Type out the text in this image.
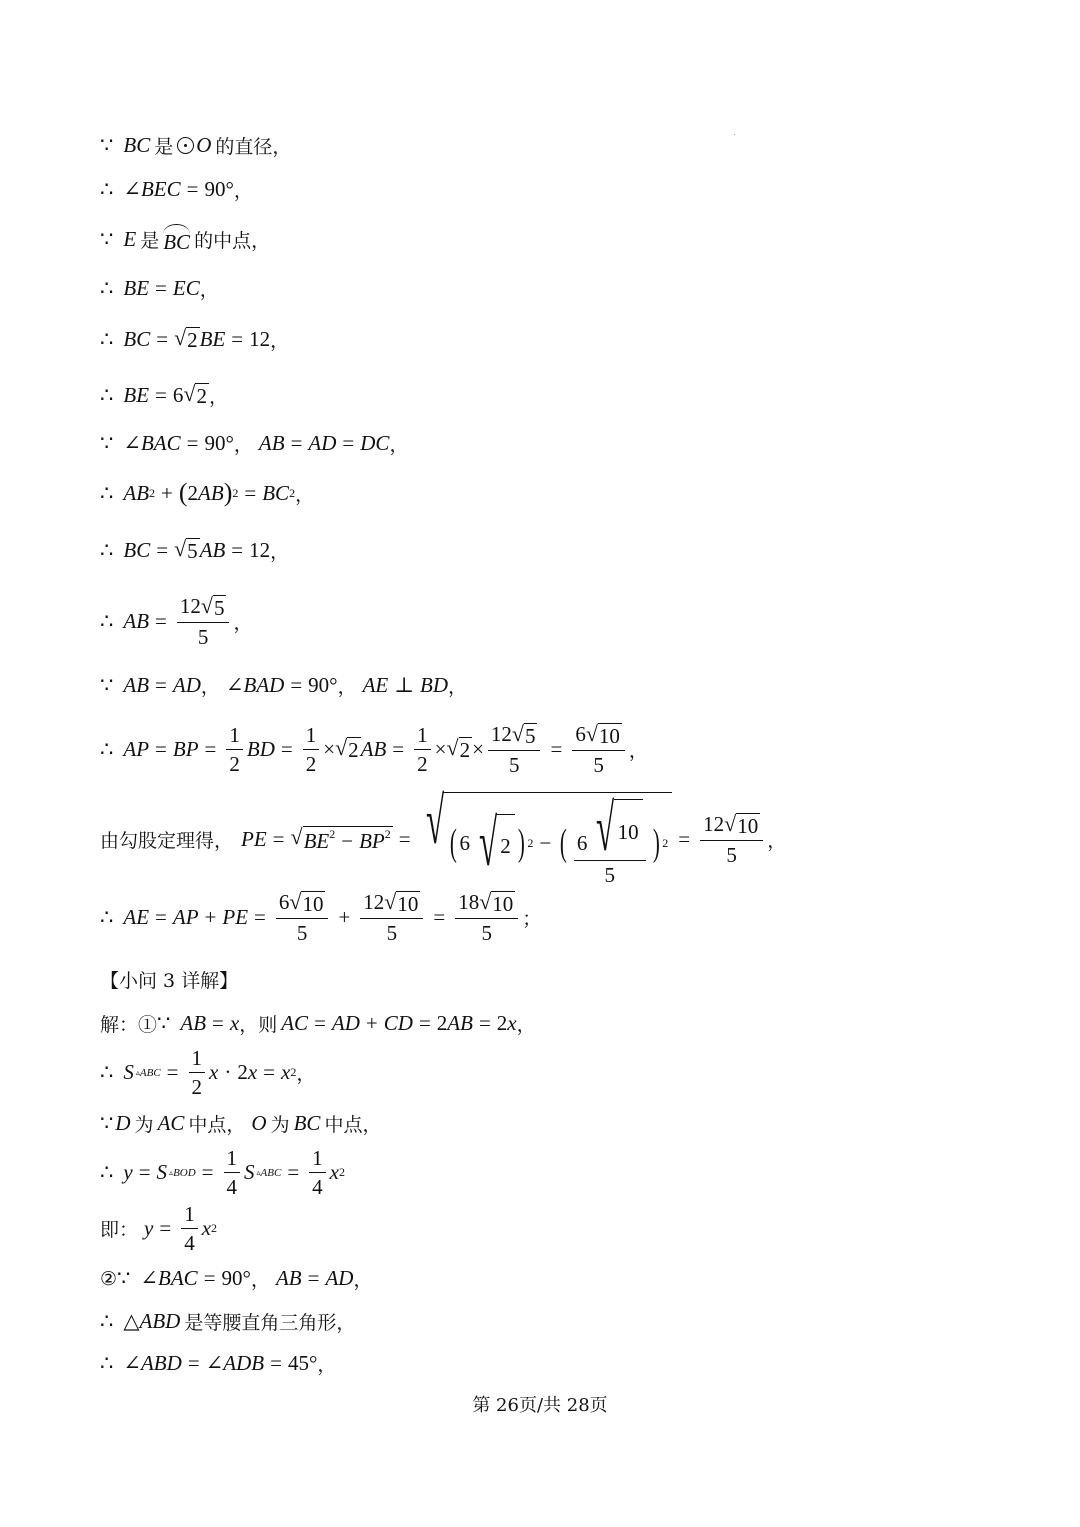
∵ BC 是 O 的直径，
∴ ∠ BEC = 90° ，
∵ E 是 BC 的中点，
∴ BE = EC ，
∴ BC = √ 2 BE = 12 ，
∴ BE = 6 √ 2 ，
∵ ∠ BAC = 90° ， AB = AD = DC ，
∴ AB 2 + ( 2 AB ) 2 = BC 2 ，
∴ BC = √ 5 AB = 12 ，
∴ AB = $\frac{12 √ 5}{5}$ ，
∵ AB = AD ， ∠ BAD = 90° ， AE ⊥ BD ，
∴ AP = BP = $\frac{1}{2}$ BD = $\frac{1}{2}$ × √ 2 AB = $\frac{1}{2}$ × √ $2 \times \frac{12 √ 5}{5} = \frac{6 √ 10}{5}$ ，
由勾股定理得， PE = √ $BE^2 - BP^2$ = √ ( 6 √ 2 ) 2 − ( $\frac{6 √ 10}{5}$ ) $2 = \frac{12 √ 10}{5}$ ，
∴ AE = AP + PE = $\frac{6 √ 10}{5} + \frac{12 √ 10}{5} = \frac{18 √ 10}{5}$ ；
【小问 3 详解】
解：① ∵ AB = x ，则 AC = AD + CD = 2 AB = 2 x ，
∴ S ▵ ABC = $\frac{1}{2}$ x · 2 x = x 2 ，
∵ D 为 AC 中点， O 为 BC 中点，
∴ y = S ▵ BOD = $\frac{1}{4}$ S ▵ ABC = $\frac{1}{4}$ x 2
即： $y = \frac{1}{4}$ x 2
② ∵ ∠ BAC = 90° ， AB = AD ，
∴ △ ABD 是等腰直角三角形，
∴ ∠ ABD = ∠ ADB = 45° ，
第 26页/共 28页
